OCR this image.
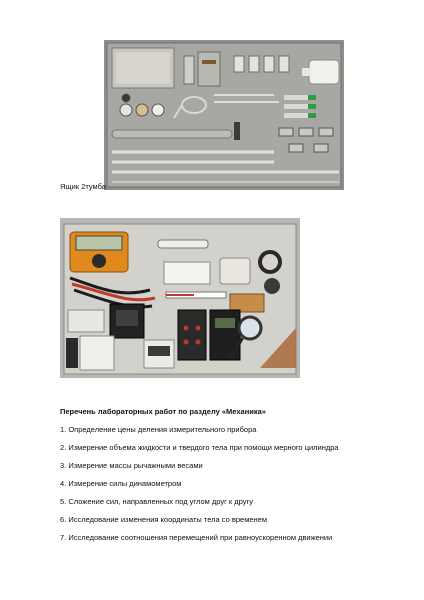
Ящик 2тумба
Перечень лабораторных работ по разделу «Механика»
1. Определение цены деления измерительного прибора
2. Измерение объема жидкости и твердого тела при помощи мерного цилиндра
3. Измерение массы рычажными весами
4. Измерение силы динамометром
5. Сложение сил, направленных под углом друг к другу
6. Исследование изменения координаты тела со временем
7. Исследование соотношения перемещений при равноускоренном движении
